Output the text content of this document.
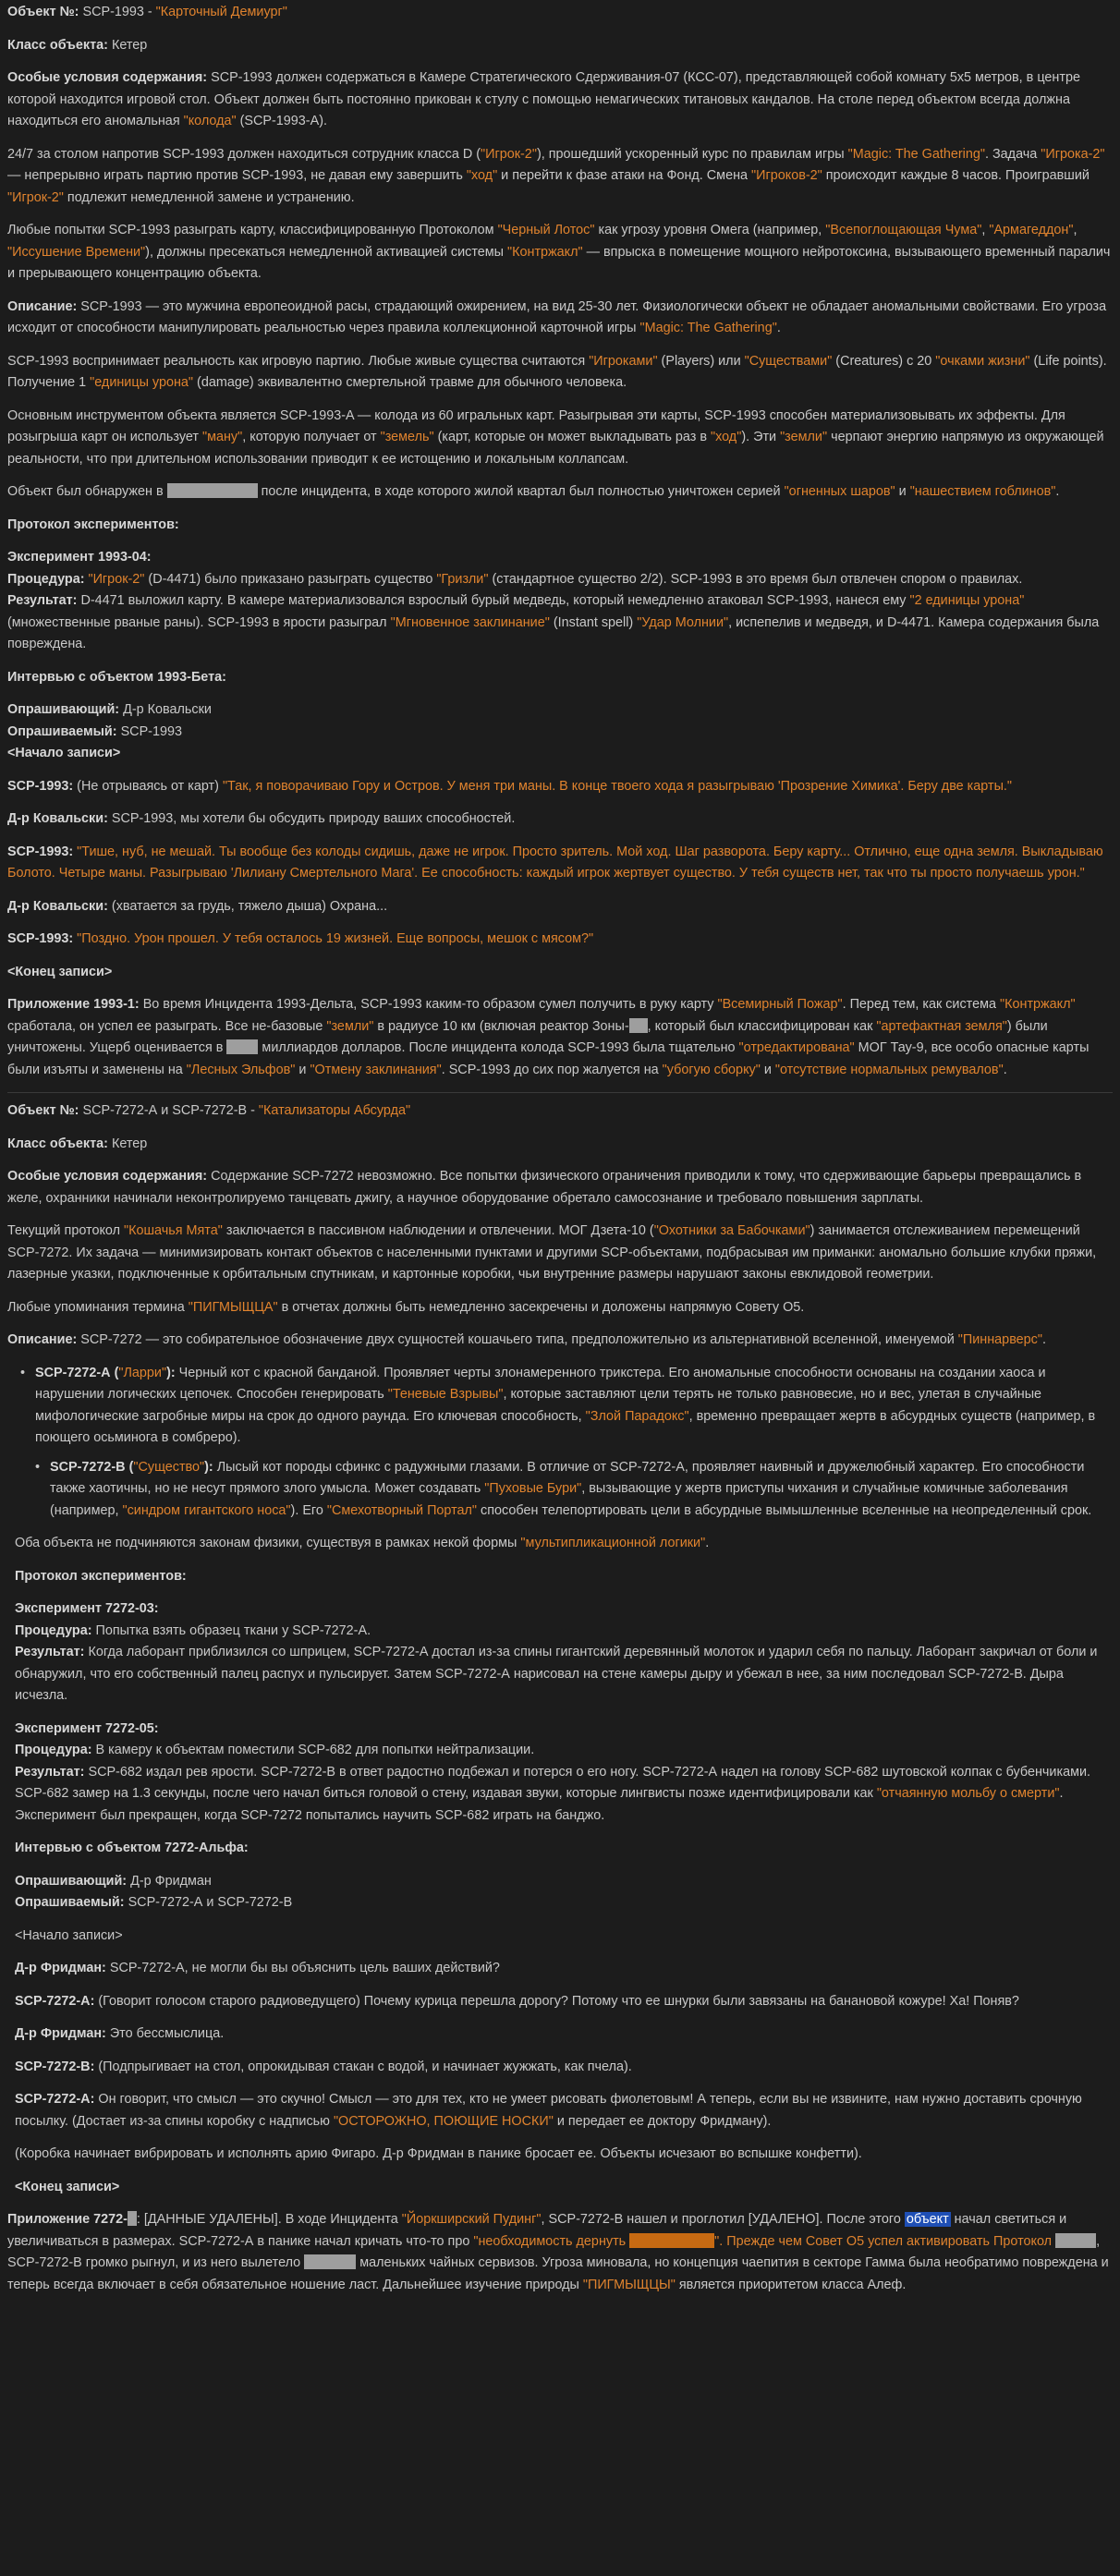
Объект №: SCP-1993 - "Карточный Демиург"

Класс объекта: Кетер

Особые условия содержания: SCP-1993 должен содержаться в Камере Стратегического Сдерживания-07 (КСС-07), представляющей собой комнату 5x5 метров, в центре которой находится игровой стол. Объект должен быть постоянно прикован к стулу с помощью немагических титановых кандалов. На столе перед объектом всегда должна находиться его аномальная "колода" (SCP-1993-A).

24/7 за столом напротив SCP-1993 должен находиться сотрудник класса D ("Игрок-2"), прошедший ускоренный курс по правилам игры "Magic: The Gathering". Задача "Игрока-2" — непрерывно играть партию против SCP-1993, не давая ему завершить "ход" и перейти к фазе атаки на Фонд. Смена "Игроков-2" происходит каждые 8 часов. Проигравший "Игрок-2" подлежит немедленной замене и устранению.

Любые попытки SCP-1993 разыграть карту, классифицированную Протоколом "Черный Лотос" как угрозу уровня Омега (например, "Всепоглощающая Чума", "Армагеддон", "Иссушение Времени"), должны пресекаться немедленной активацией системы "Контржакл" — впрыска в помещение мощного нейротоксина, вызывающего временный паралич и прерывающего концентрацию объекта.

Описание: SCP-1993 — это мужчина европеоидной расы, страдающий ожирением, на вид 25-30 лет. Физиологически объект не обладает аномальными свойствами. Его угроза исходит от способности манипулировать реальностью через правила коллекционной карточной игры "Magic: The Gathering".

SCP-1993 воспринимает реальность как игровую партию. Любые живые существа считаются "Игроками" (Players) или "Существами" (Creatures) с 20 "очками жизни" (Life points). Получение 1 "единицы урона" (damage) эквивалентно смертельной травме для обычного человека.

Основным инструментом объекта является SCP-1993-A — колода из 60 игральных карт. Разыгрывая эти карты, SCP-1993 способен материализовывать их эффекты. Для розыгрыша карт он использует "ману", которую получает от "земель" (карт, которые он может выкладывать раз в "ход"). Эти "земли" черпают энергию напрямую из окружающей реальности, что при длительном использовании приводит к ее истощению и локальным коллапсам.

Объект был обнаружен в	после инцидента, в ходе которого жилой квартал был полностью уничтожен серией "огненных шаров" и "нашествием гоблинов".

Протокол экспериментов:

Эксперимент 1993-04:

Процедура: "Игрок-2" (D-4471) было приказано разыграть существо "Гризли" (стандартное существо 2/2). SCP-1993 в это время был отвлечен спором о правилах.

Результат: D-4471 выложил карту. В камере материализовался взрослый бурый медведь, который немедленно атаковал SCP-1993, нанеся ему "2 единицы урона" (множественные рваные раны). SCP-1993 в ярости разыграл "Мгновенное заклинание" (Instant spell) "Удар Молнии", испепелив и медведя, и D-4471. Камера содержания была повреждена.

Интервью с объектом 1993-Бета:

Опрашивающий: Д-р Ковальски

Опрашиваемый: SCP-1993

<Начало записи>

SCP-1993: (Не отрываясь от карт) "Так, я поворачиваю Гору и Остров. У меня три маны. В конце твоего хода я разыгрываю 'Прозрение Химика'. Беру две карты."

Д-р Ковальски: SCP-1993, мы хотели бы обсудить природу ваших способностей.

SCP-1993: "Тише, нуб, не мешай. Ты вообще без колоды сидишь, даже не игрок. Просто зритель. Мой ход. Шаг разворота. Беру карту... Отлично, еще одна земля. Выкладываю Болото. Четыре маны. Разыгрываю 'Лилиану Смертельного Мага'. Ее способность: каждый игрок жертвует существо. У тебя существ нет, так что ты просто получаешь урон."

Д-р Ковальски: (хватается за грудь, тяжело дыша) Охрана...

SCP-1993: "Поздно. Урон прошел. У тебя осталось 19 жизней. Еще вопросы, мешок с мясом?"

<Конец записи>

Приложение 1993-1: Во время Инцидента 1993-Дельта, SCP-1993 каким-то образом сумел получить в руку карту "Всемирный Пожар". Перед тем, как система "Контржакл" сработала, он успел ее разыграть. Все не-базовые "земли" в радиусе 10 км (включая реактор Зоны- , который был классифицирован как "артефактная земля") были уничтожены. Ущерб оценивается в  миллиардов долларов. После инцидента колода SCP-1993 была тщательно "отредактирована" МОГ Тау-9, все особо опасные карты были изъяты и заменены на "Лесных Эльфов" и "Отмену заклинания". SCP-1993 до сих пор жалуется на "убогую сборку" и "отсутствие нормальных ремувалов".

Объект №: SCP-7272-А и SCP-7272-В - "Катализаторы Абсурда"

Класс объекта: Кетер

Особые условия содержания: Содержание SCP-7272 невозможно. Все попытки физического ограничения приводили к тому, что сдерживающие барьеры превращались в желе, охранники начинали неконтролируемо танцевать джигу, а научное оборудование обретало самосознание и требовало повышения зарплаты.

Текущий протокол "Кошачья Мята" заключается в пассивном наблюдении и отвлечении. МОГ Дзета-10 ("Охотники за Бабочками") занимается отслеживанием перемещений SCP-7272. Их задача — минимизировать контакт объектов с населенными пунктами и другими SCP-объектами, подбрасывая им приманки: аномально большие клубки пряжи, лазерные указки, подключенные к орбитальным спутникам, и картонные коробки, чьи внутренние размеры нарушают законы евклидовой геометрии.

Любые упоминания термина "ПИГМЫЩЦА" в отчетах должны быть немедленно засекречены и доложены напрямую Совету О5.

Описание: SCP-7272 — это собирательное обозначение двух сущностей кошачьего типа, предположительно из альтернативной вселенной, именуемой "Пиннарверс".

• SCP-7272-А ("Ларри"): Черный кот с красной банданой. Проявляет черты злонамеренного трикстера. Его аномальные способности основаны на создании хаоса и нарушении логических цепочек. Способен генерировать "Теневые Взрывы", которые заставляют цели терять не только равновесие, но и вес, улетая в случайные мифологические загробные миры на срок до одного раунда. Его ключевая способность, "Злой Парадокс", временно превращает жертв в абсурдных существ (например, в поющего осьминога в сомбреро).
• SCP-7272-В ("Существо"): Лысый кот породы сфинкс с радужными глазами. В отличие от SCP-7272-А, проявляет наивный и дружелюбный характер. Его способности также хаотичны, но не несут прямого злого умысла. Может создавать "Пуховые Бури", вызывающие у жертв приступы чихания и случайные комичные заболевания (например, "синдром гигантского носа"). Его "Смехотворный Портал" способен телепортировать цели в абсурдные вымышленные вселенные на неопределенный срок.

Оба объекта не подчиняются законам физики, существуя в рамках некой формы "мультипликационной логики".

Протокол экспериментов:

Эксперимент 7272-03:

Процедура: Попытка взять образец ткани у SCP-7272-А.

Результат: Когда лаборант приблизился со шприцем, SCP-7272-А достал из-за спины гигантский деревянный молоток и ударил себя по пальцу. Лаборант закричал от боли и обнаружил, что его собственный палец распух и пульсирует. Затем SCP-7272-А нарисовал на стене камеры дыру и убежал в нее, за ним последовал SCP-7272-В. Дыра исчезла.

Эксперимент 7272-05:

Процедура: В камеру к объектам поместили SCP-682 для попытки нейтрализации.

Результат: SCP-682 издал рев ярости. SCP-7272-В в ответ радостно подбежал и потерся о его ногу. SCP-7272-А надел на голову SCP-682 шутовской колпак с бубенчиками. SCP-682 замер на 1.3 секунды, после чего начал биться головой о стену, издавая звуки, которые лингвисты позже идентифицировали как "отчаянную мольбу о смерти". Эксперимент был прекращен, когда SCP-7272 попытались научить SCP-682 играть на банджо.

Интервью с объектом 7272-Альфа:

Опрашивающий: Д-р Фридман

Опрашиваемый: SCP-7272-А и SCP-7272-В

<Начало записи>

Д-р Фридман: SCP-7272-А, не могли бы вы объяснить цель ваших действий?

SCP-7272-А: (Говорит голосом старого радиоведущего) Почему курица перешла дорогу? Потому что ее шнурки были завязаны на банановой кожуре! Ха! Поняв?

Д-р Фридман: Это бессмыслица.

SCP-7272-В: (Подпрыгивает на стол, опрокидывая стакан с водой, и начинает жужжать, как пчела).

SCP-7272-А: Он говорит, что смысл — это скучно! Смысл — это для тех, кто не умеет рисовать фиолетовым! А теперь, если вы не извините, нам нужно доставить срочную посылку. (Достает из-за спины коробку с надписью "ОСТОРОЖНО, ПОЮЩИЕ НОСКИ" и передает ее доктору Фридману).

(Коробка начинает вибрировать и исполнять арию Фигаро. Д-р Фридман в панике бросает ее. Объекты исчезают во вспышке конфетти).

<Конец записи>

Приложение 7272- : [ДАННЫЕ УДАЛЕНЫ]. В ходе Инцидента "Йоркширский Пудинг", SCP-7272-В нашел и проглотил [УДАЛЕНО]. После этого объект начал светиться и увеличиваться в размерах. SCP-7272-А в панике начал кричать что-то про "необходимость дернуть	". Прежде чем Совет О5 успел активировать Протокол	, SCP-7272-В громко рыгнул, и из него вылетело	маленьких чайных сервизов. Угроза миновала, но концепция чаепития в секторе Гамма была необратимо повреждена и теперь всегда включает в себя обязательное ношение ласт. Дальнейшее изучение природы "ПИГМЫЩЦЫ" является приоритетом класса Алеф.
